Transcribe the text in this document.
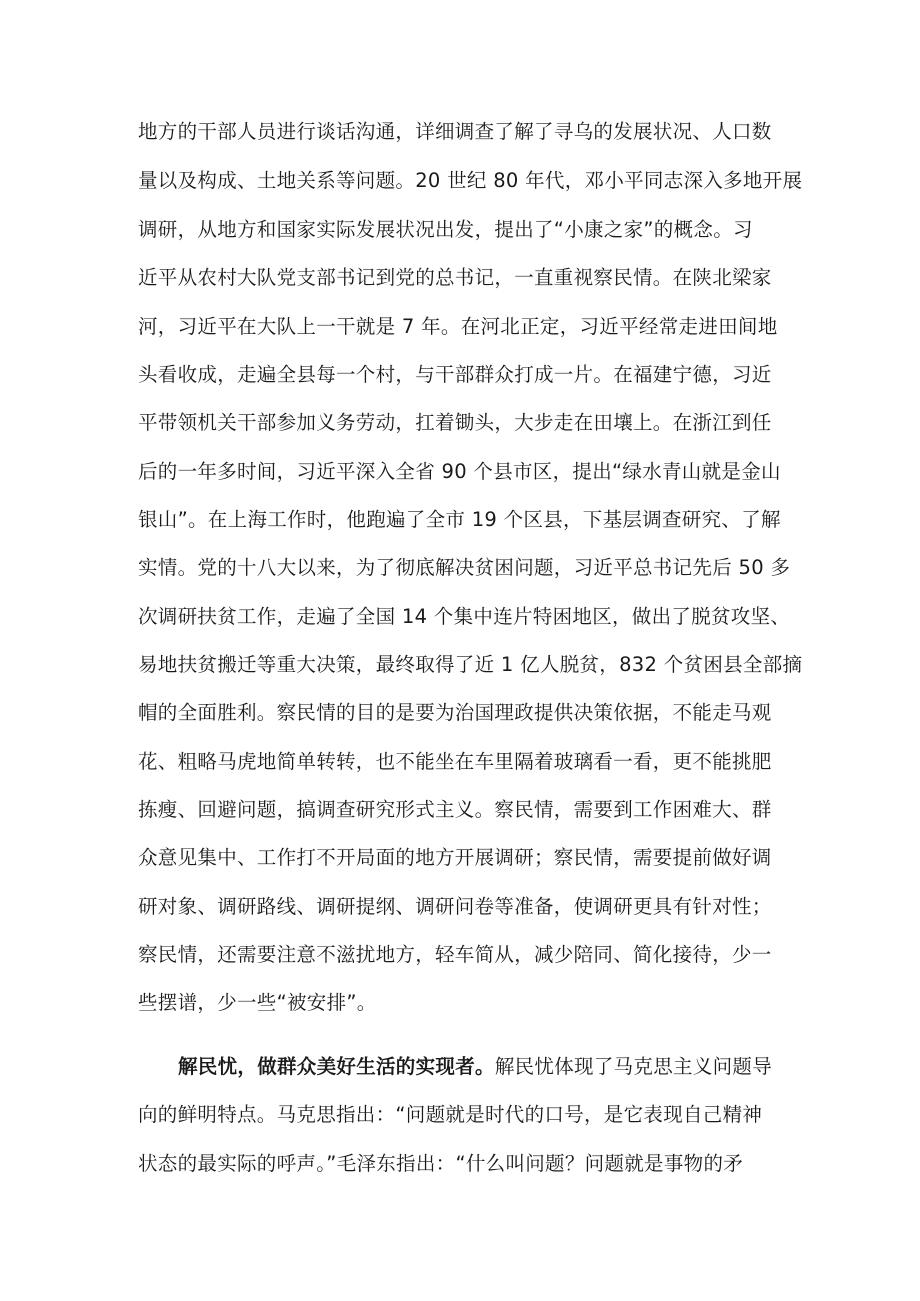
地方的干部人员进行谈话沟通，详细调查了解了寻乌的发展状况、人口数
量以及构成、土地关系等问题。20 世纪 80 年代，邓小平同志深入多地开展
调研，从地方和国家实际发展状况出发，提出了“小康之家”的概念。习
近平从农村大队党支部书记到党的总书记，一直重视察民情。在陕北梁家
河，习近平在大队上一干就是 7 年。在河北正定，习近平经常走进田间地
头看收成，走遍全县每一个村，与干部群众打成一片。在福建宁德，习近
平带领机关干部参加义务劳动，扛着锄头，大步走在田壤上。在浙江到任
后的一年多时间，习近平深入全省 90 个县市区，提出“绿水青山就是金山
银山”。在上海工作时，他跑遍了全市 19 个区县，下基层调查研究、了解
实情。党的十八大以来，为了彻底解决贫困问题，习近平总书记先后 50 多
次调研扶贫工作，走遍了全国 14 个集中连片特困地区，做出了脱贫攻坚、
易地扶贫搬迁等重大决策，最终取得了近 1 亿人脱贫，832 个贫困县全部摘
帽的全面胜利。察民情的目的是要为治国理政提供决策依据，不能走马观
花、粗略马虎地简单转转，也不能坐在车里隔着玻璃看一看，更不能挑肥
拣瘦、回避问题，搞调查研究形式主义。察民情，需要到工作困难大、群
众意见集中、工作打不开局面的地方开展调研；察民情，需要提前做好调
研对象、调研路线、调研提纲、调研问卷等准备，使调研更具有针对性；
察民情，还需要注意不滋扰地方，轻车简从，减少陪同、简化接待，少一
些摆谱，少一些“被安排”。
解民忧，做群众美好生活的实现者。解民忧体现了马克思主义问题导
向的鲜明特点。马克思指出：“问题就是时代的口号，是它表现自己精神
状态的最实际的呼声。”毛泽东指出：“什么叫问题？问题就是事物的矛
